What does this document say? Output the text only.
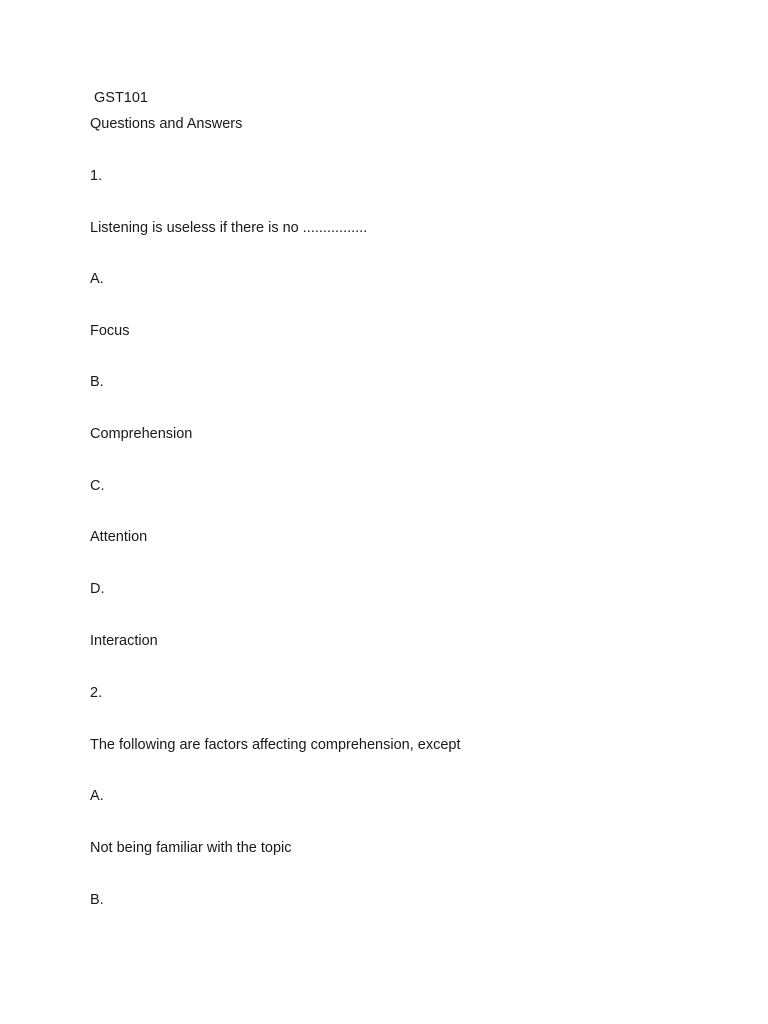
GST101

Questions and Answers

1.

Listening is useless if there is no ................

A.

Focus

B.

Comprehension

C.

Attention

D.

Interaction

2.

The following are factors affecting comprehension, except

A.

Not being familiar with the topic

B.
